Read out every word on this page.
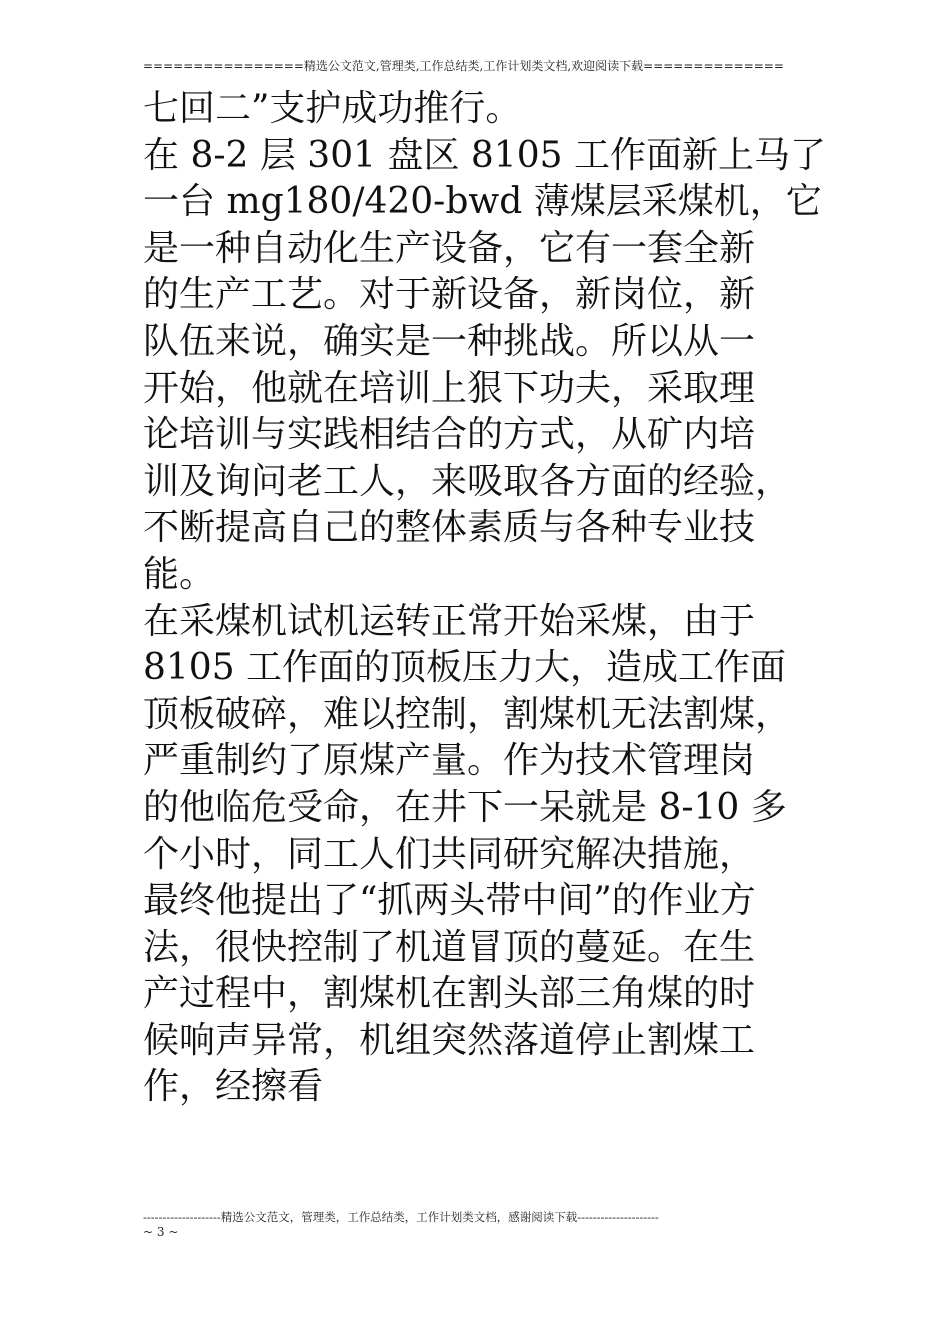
================精选公文范文,管理类,工作总结类,工作计划类文档,欢迎阅读下载==============
七回二”支护成功推行。
在 8-2 层 301 盘区 8105 工作面新上马了
一台 mg180/420-bwd 薄煤层采煤机，它
是一种自动化生产设备，它有一套全新
的生产工艺。对于新设备，新岗位，新
队伍来说，确实是一种挑战。所以从一
开始，他就在培训上狠下功夫，采取理
论培训与实践相结合的方式，从矿内培
训及询问老工人，来吸取各方面的经验，
不断提高自己的整体素质与各种专业技
能。
在采煤机试机运转正常开始采煤，由于
8105 工作面的顶板压力大，造成工作面
顶板破碎，难以控制，割煤机无法割煤，
严重制约了原煤产量。作为技术管理岗
的他临危受命，在井下一呆就是 8-10 多
个小时，同工人们共同研究解决措施，
最终他提出了“抓两头带中间”的作业方
法，很快控制了机道冒顶的蔓延。在生
产过程中，割煤机在割头部三角煤的时
候响声异常，机组突然落道停止割煤工
作，经擦看
--------------------精选公文范文，管理类，工作总结类，工作计划类文档，感谢阅读下载---------------------
~ 3 ~
